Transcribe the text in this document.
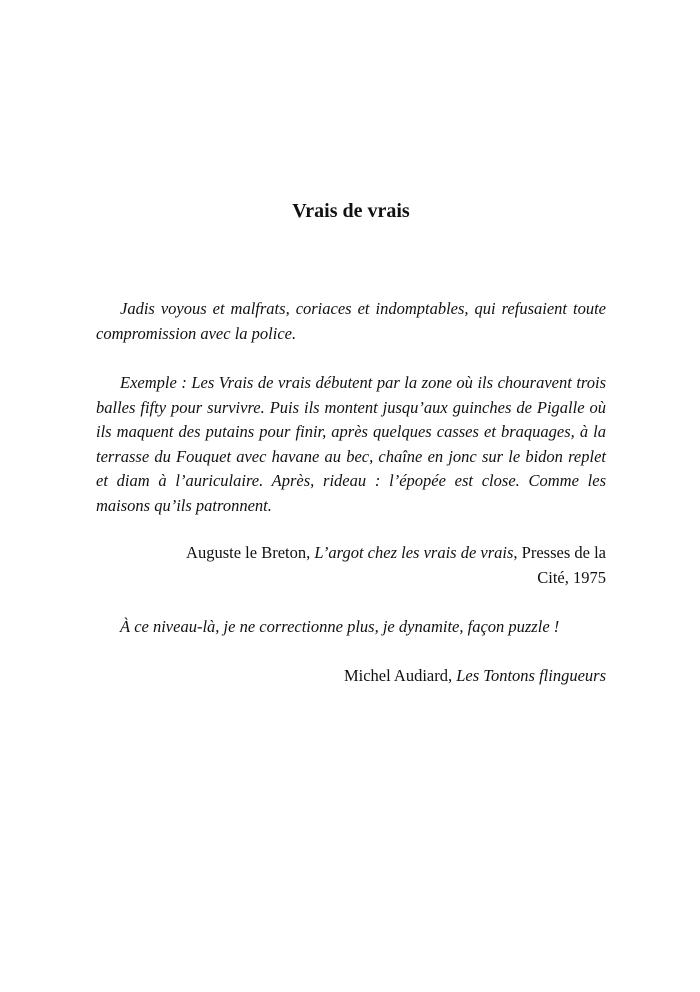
Vrais de vrais

Jadis voyous et malfrats, coriaces et indomptables, qui refusaient toute compromission avec la police.

Exemple : Les Vrais de vrais débutent par la zone où ils chouravent trois balles fifty pour survivre. Puis ils montent jusqu’aux guinches de Pigalle où ils maquent des putains pour finir, après quelques casses et braquages, à la terrasse du Fouquet avec havane au bec, chaîne en jonc sur le bidon replet et diam à l’auriculaire. Après, rideau : l’épopée est close. Comme les maisons qu’ils patronnent.

Auguste le Breton, L’argot chez les vrais de vrais, Presses de la
Cité, 1975

À ce niveau-là, je ne correctionne plus, je dynamite, façon puzzle !

Michel Audiard, Les Tontons flingueurs
